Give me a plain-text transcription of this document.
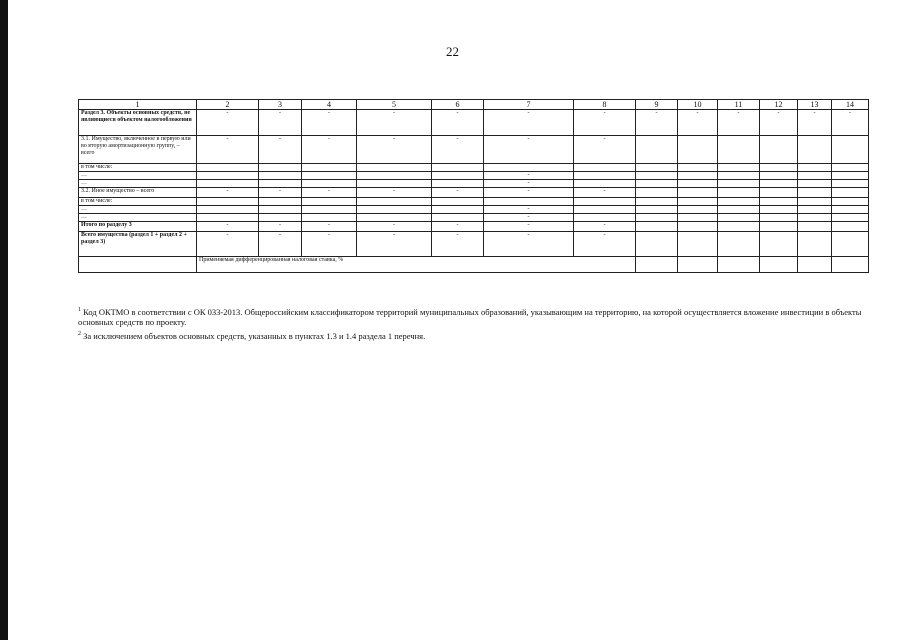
22
1	2	3	4	5	6	7	8	9	10	11	12	13	14
Раздел 3. Объекты основных средств, не являющиеся объектом налогообложения	-	-	-	-	-	-	-	-	-	-	-	-	-
3.1. Имущество, включенное в первую или во вторую амортизационную группу, – всего	-	-	-	-	-	-	-						
в том числе:													
…						-							
…						-							
3.2. Иное имущество – всего	-	-	-	-	-	-	-						
в том числе:													
…						-							
…						-							
Итого по разделу 3	-	-	-	-	-	-	-						
Всего имущества (раздел 1 + раздел 2 + раздел 3)	-	-	-	-	-	-	-						
	Применяемая дифференцированная налоговая ставка, %												
$^1$ Код ОКТМО в соответствии с ОК 033-2013. Общероссийским классификатором территорий муниципальных образований, указывающим на территорию, на которой осуществляется вложение инвестиции в объекты основных средств по проекту.
$^2$ За исключением объектов основных средств, указанных в пунктах 1.3 и 1.4 раздела 1 перечня.
